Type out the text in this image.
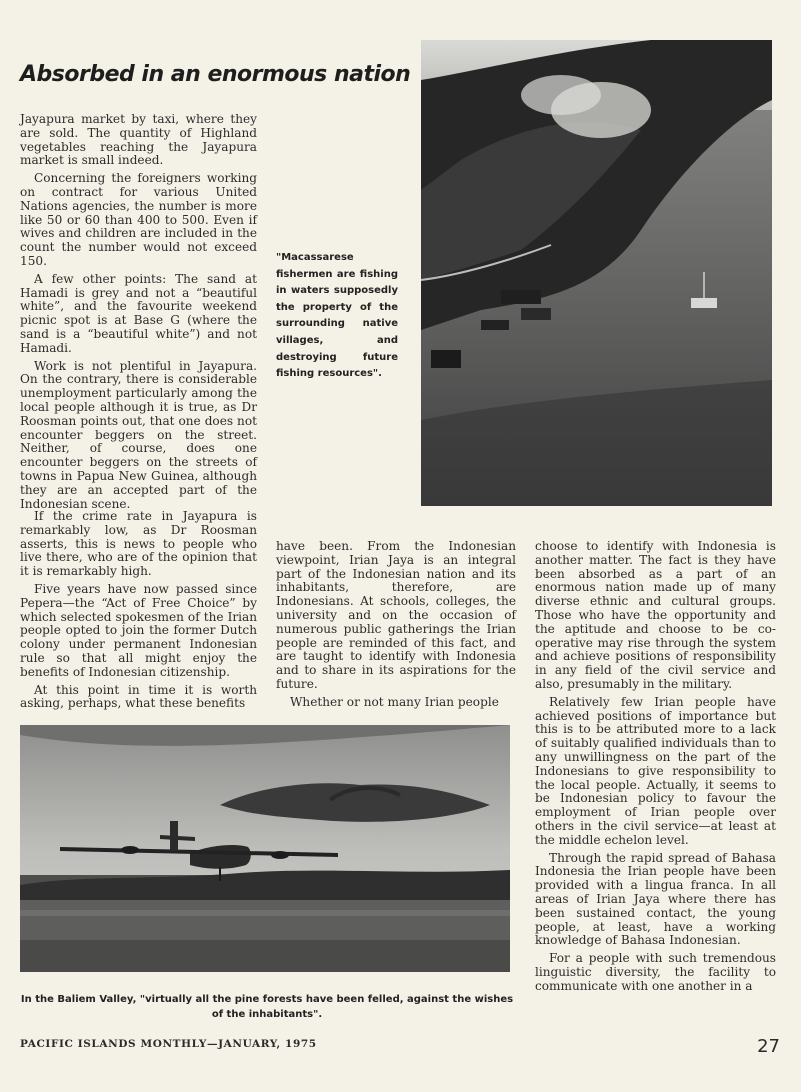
Absorbed in an enormous nation

Jayapura market by taxi, where they are sold. The quantity of Highland vegetables reaching the Jayapura market is small indeed.

Concerning the foreigners working on contract for various United Nations agencies, the number is more like 50 or 60 than 400 to 500. Even if wives and children are included in the count the number would not exceed 150.

A few other points: The sand at Hamadi is grey and not a “beautiful white”, and the favourite weekend picnic spot is at Base G (where the sand is a “beautiful white”) and not Hamadi.

Work is not plentiful in Jayapura. On the contrary, there is considerable unemployment particularly among the local people although it is true, as Dr Roosman points out, that one does not encounter beggers on the street. Neither, of course, does one encounter beggers on the streets of towns in Papua New Guinea, although they are an accepted part of the Indonesian scene.

If the crime rate in Jayapura is remarkably low, as Dr Roosman asserts, this is news to people who live there, who are of the opinion that it is remarkably high.

Five years have now passed since Pepera—the “Act of Free Choice” by which selected spokesmen of the Irian people opted to join the former Dutch colony under permanent Indonesian rule so that all might enjoy the benefits of Indonesian citizenship.

At this point in time it is worth asking, perhaps, what these benefits

"Macassarese fishermen are fishing in waters supposedly the property of the surrounding native villages, and destroying future fishing resources".

have been. From the Indonesian viewpoint, Irian Jaya is an integral part of the Indonesian nation and its inhabitants, therefore, are Indonesians. At schools, colleges, the university and on the occasion of numerous public gatherings the Irian people are reminded of this fact, and are taught to identify with Indonesia and to share in its aspirations for the future.

Whether or not many Irian people

choose to identify with Indonesia is another matter. The fact is they have been absorbed as a part of an enormous nation made up of many diverse ethnic and cultural groups. Those who have the opportunity and the aptitude and choose to be co-operative may rise through the system and achieve positions of responsibility in any field of the civil service and also, presumably in the military.

Relatively few Irian people have achieved positions of importance but this is to be attributed more to a lack of suitably qualified individuals than to any unwillingness on the part of the Indonesians to give responsibility to the local people. Actually, it seems to be Indonesian policy to favour the employment of Irian people over others in the civil service—at least at the middle echelon level.

Through the rapid spread of Bahasa Indonesia the Irian people have been provided with a lingua franca. In all areas of Irian Jaya where there has been sustained contact, the young people, at least, have a working knowledge of Bahasa Indonesian.

For a people with such tremendous linguistic diversity, the facility to communicate with one another in a

In the Baliem Valley, "virtually all the pine forests have been felled, against the wishes of the inhabitants".
PACIFIC ISLANDS MONTHLY—JANUARY, 1975	27
